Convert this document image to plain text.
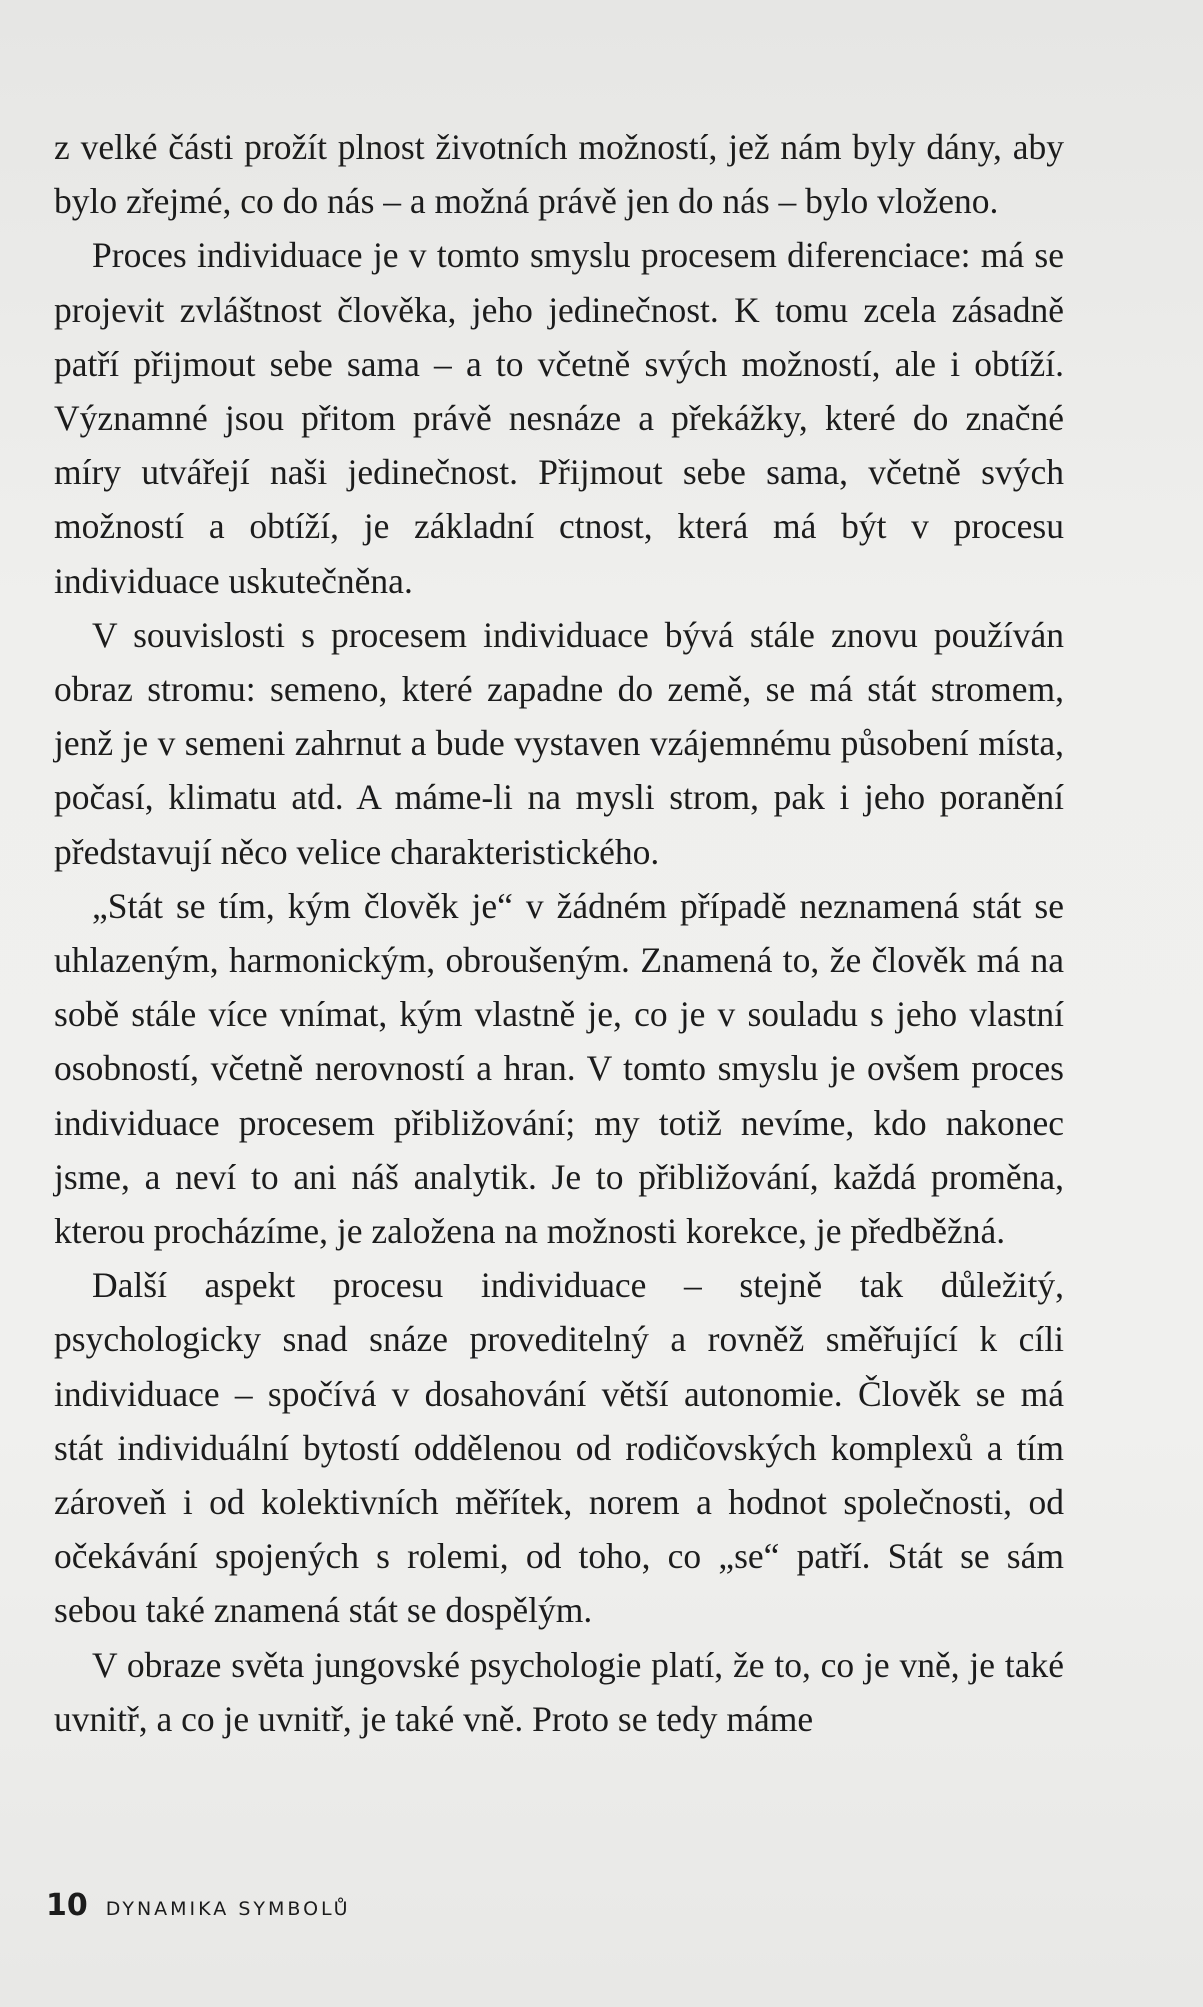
z velké části prožít plnost životních možností, jež nám byly dány, aby bylo zřejmé, co do nás – a možná právě jen do nás – bylo vloženo.

Proces individuace je v tomto smyslu procesem diferenciace: má se projevit zvláštnost člověka, jeho jedinečnost. K tomu zcela zásadně patří přijmout sebe sama – a to včetně svých možností, ale i obtíží. Významné jsou přitom právě nesnáze a překážky, které do značné míry utvářejí naši jedinečnost. Přijmout sebe sama, včetně svých možností a obtíží, je základní ctnost, která má být v procesu individuace uskutečněna.

V souvislosti s procesem individuace bývá stále znovu používán obraz stromu: semeno, které zapadne do země, se má stát stromem, jenž je v semeni zahrnut a bude vystaven vzájemnému působení místa, počasí, klimatu atd. A máme-li na mysli strom, pak i jeho poranění představují něco velice charakteristického.

„Stát se tím, kým člověk je“ v žádném případě neznamená stát se uhlazeným, harmonickým, obroušeným. Znamená to, že člověk má na sobě stále více vnímat, kým vlastně je, co je v souladu s jeho vlastní osobností, včetně nerovností a hran. V tomto smyslu je ovšem proces individuace procesem přibližování; my totiž nevíme, kdo nakonec jsme, a neví to ani náš analytik. Je to přibližování, každá proměna, kterou procházíme, je založena na možnosti korekce, je předběžná.

Další aspekt procesu individuace – stejně tak důležitý, psychologicky snad snáze proveditelný a rovněž směřující k cíli individuace – spočívá v dosahování větší autonomie. Člověk se má stát individuální bytostí oddělenou od rodičovských komplexů a tím zároveň i od kolektivních měřítek, norem a hodnot společnosti, od očekávání spojených s rolemi, od toho, co „se“ patří. Stát se sám sebou také znamená stát se dospělým.

V obraze světa jungovské psychologie platí, že to, co je vně, je také uvnitř, a co je uvnitř, je také vně. Proto se tedy máme

10 DYNAMIKA SYMBOLŮ
